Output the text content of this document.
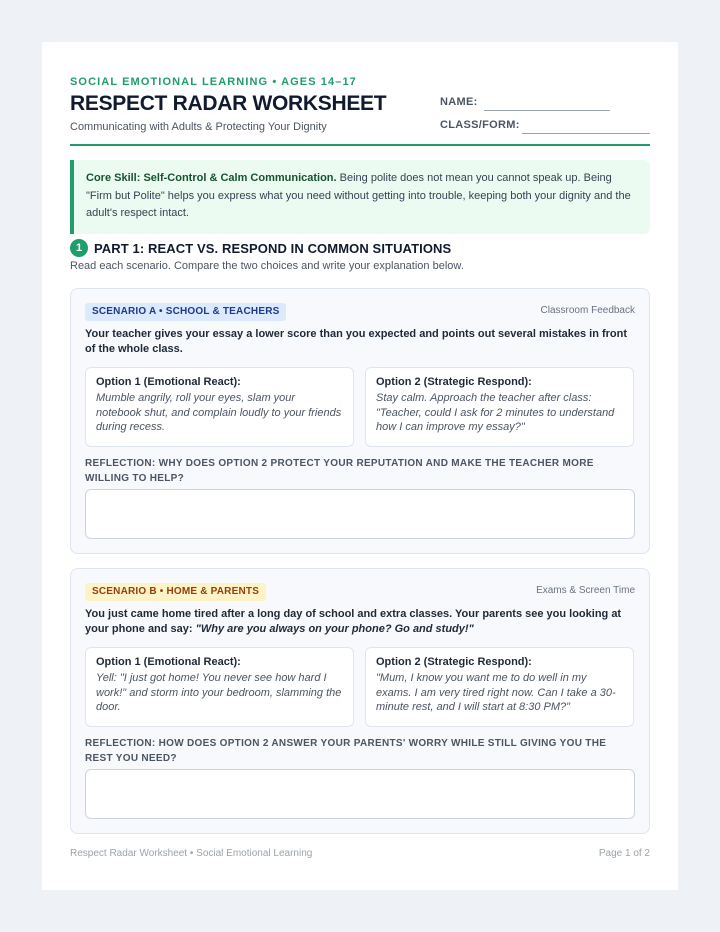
SOCIAL EMOTIONAL LEARNING • AGES 14–17
RESPECT RADAR WORKSHEET
Communicating with Adults & Protecting Your Dignity
NAME:
CLASS/FORM:
Core Skill: Self-Control & Calm Communication. Being polite does not mean you cannot speak up. Being "Firm but Polite" helps you express what you need without getting into trouble, keeping both your dignity and the adult's respect intact.
1 PART 1: REACT VS. RESPOND IN COMMON SITUATIONS
Read each scenario. Compare the two choices and write your explanation below.
SCENARIO A • SCHOOL & TEACHERS	Classroom Feedback
Your teacher gives your essay a lower score than you expected and points out several mistakes in front of the whole class.
Option 1 (Emotional React):
Mumble angrily, roll your eyes, slam your notebook shut, and complain loudly to your friends during recess.
Option 2 (Strategic Respond):
Stay calm. Approach the teacher after class: "Teacher, could I ask for 2 minutes to understand how I can improve my essay?"
REFLECTION: WHY DOES OPTION 2 PROTECT YOUR REPUTATION AND MAKE THE TEACHER MORE WILLING TO HELP?
SCENARIO B • HOME & PARENTS	Exams & Screen Time
You just came home tired after a long day of school and extra classes. Your parents see you looking at your phone and say: "Why are you always on your phone? Go and study!"
Option 1 (Emotional React):
Yell: "I just got home! You never see how hard I work!" and storm into your bedroom, slamming the door.
Option 2 (Strategic Respond):
"Mum, I know you want me to do well in my exams. I am very tired right now. Can I take a 30-minute rest, and I will start at 8:30 PM?"
REFLECTION: HOW DOES OPTION 2 ANSWER YOUR PARENTS' WORRY WHILE STILL GIVING YOU THE REST YOU NEED?
Respect Radar Worksheet • Social Emotional Learning	Page 1 of 2
